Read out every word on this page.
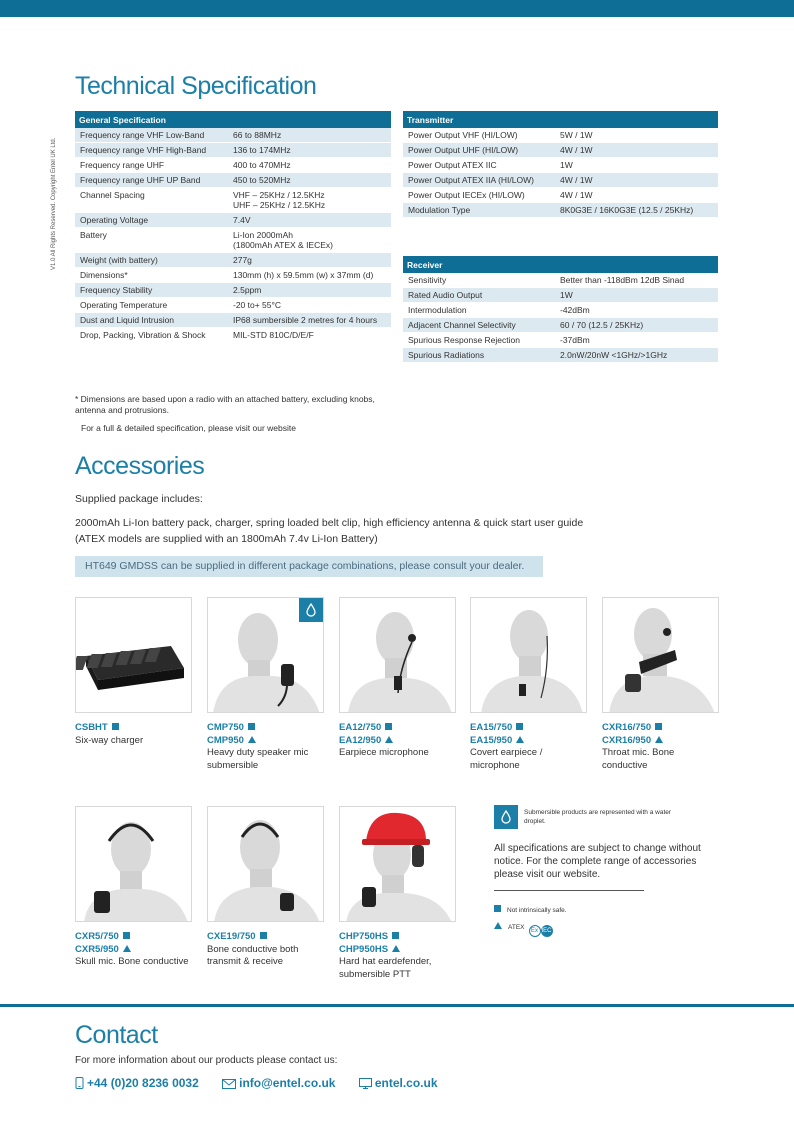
V1.0 All Rights Reserved. Copyright Entel UK Ltd.
Technical Specification
General Specification	
Frequency range VHF Low-Band	66 to 88MHz
Frequency range VHF High-Band	136 to 174MHz
Frequency range UHF	400 to 470MHz
Frequency range UHF UP Band	450 to 520MHz
Channel Spacing	VHF – 25KHz / 12.5KHz
UHF – 25KHz / 12.5KHz

Operating Voltage	7.4V
Battery	Li-Ion 2000mAh
(1800mAh ATEX & IECEx)

Weight (with battery)	277g
Dimensions*	130mm (h) x 59.5mm (w) x 37mm (d)
Frequency Stability	2.5ppm
Operating Temperature	-20 to+ 55°C
Dust and Liquid Intrusion	IP68 sumbersible 2 metres for 4 hours
Drop, Packing, Vibration & Shock	MIL-STD 810C/D/E/F
Transmitter	
Power Output VHF (HI/LOW)	5W / 1W
Power Output UHF (HI/LOW)	4W / 1W
Power Output ATEX IIC	1W
Power Output ATEX IIA (HI/LOW)	4W / 1W
Power Output IECEx (HI/LOW)	4W / 1W
Modulation Type	8K0G3E / 16K0G3E (12.5 / 25KHz)
Receiver	
Sensitivity	Better than -118dBm 12dB Sinad
Rated Audio Output	1W
Intermodulation	-42dBm
Adjacent Channel Selectivity	60 / 70 (12.5 / 25KHz)
Spurious Response Rejection	-37dBm
Spurious Radiations	2.0nW/20nW <1GHz/>1GHz
* Dimensions are based upon a radio with an attached battery, excluding knobs, antenna and protrusions.
For a full & detailed specification, please visit our website
Accessories
Supplied package includes:
2000mAh Li-Ion battery pack, charger, spring loaded belt clip, high efficiency antenna & quick start user guide
(ATEX models are supplied with an 1800mAh 7.4v Li-Ion Battery)
HT649 GMDSS can be supplied in different package combinations, please consult your dealer.
CSBHT
Six-way charger
CMP750
CMP950
Heavy duty speaker mic submersible
EA12/750
EA12/950
Earpiece microphone
EA15/750
EA15/950
Covert earpiece / microphone
CXR16/750
CXR16/950
Throat mic. Bone conductive
CXR5/750
CXR5/950
Skull mic. Bone conductive
CXE19/750
Bone conductive both transmit & receive
CHP750HS
CHP950HS
Hard hat eardefender, submersible PTT
Submersible products are represented with a water droplet.
All specifications are subject to change without notice. For the complete range of accessories please visit our website.
Not intrinsically safe.
ATEX Ex IEC
Contact
For more information about our products please contact us:
+44 (0)20 8236 0032	info@entel.co.uk	entel.co.uk
